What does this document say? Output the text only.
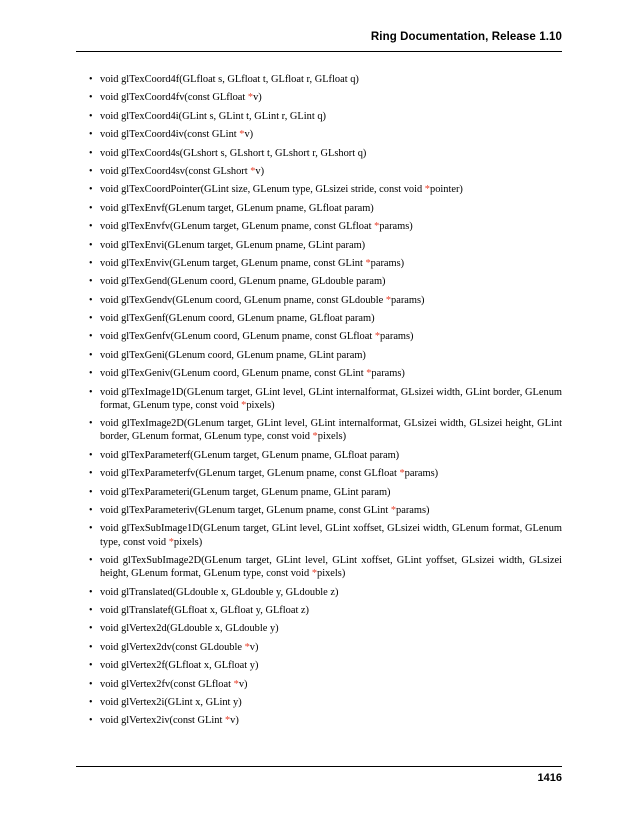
Ring Documentation, Release 1.10
• void glTexCoord4f(GLfloat s, GLfloat t, GLfloat r, GLfloat q)
• void glTexCoord4fv(const GLfloat *v)
• void glTexCoord4i(GLint s, GLint t, GLint r, GLint q)
• void glTexCoord4iv(const GLint *v)
• void glTexCoord4s(GLshort s, GLshort t, GLshort r, GLshort q)
• void glTexCoord4sv(const GLshort *v)
• void glTexCoordPointer(GLint size, GLenum type, GLsizei stride, const void *pointer)
• void glTexEnvf(GLenum target, GLenum pname, GLfloat param)
• void glTexEnvfv(GLenum target, GLenum pname, const GLfloat *params)
• void glTexEnvi(GLenum target, GLenum pname, GLint param)
• void glTexEnviv(GLenum target, GLenum pname, const GLint *params)
• void glTexGend(GLenum coord, GLenum pname, GLdouble param)
• void glTexGendv(GLenum coord, GLenum pname, const GLdouble *params)
• void glTexGenf(GLenum coord, GLenum pname, GLfloat param)
• void glTexGenfv(GLenum coord, GLenum pname, const GLfloat *params)
• void glTexGeni(GLenum coord, GLenum pname, GLint param)
• void glTexGeniv(GLenum coord, GLenum pname, const GLint *params)
• void glTexImage1D(GLenum target, GLint level, GLint internalformat, GLsizei width, GLint border, GLenum format, GLenum type, const void *pixels)
• void glTexImage2D(GLenum target, GLint level, GLint internalformat, GLsizei width, GLsizei height, GLint border, GLenum format, GLenum type, const void *pixels)
• void glTexParameterf(GLenum target, GLenum pname, GLfloat param)
• void glTexParameterfv(GLenum target, GLenum pname, const GLfloat *params)
• void glTexParameteri(GLenum target, GLenum pname, GLint param)
• void glTexParameteriv(GLenum target, GLenum pname, const GLint *params)
• void glTexSubImage1D(GLenum target, GLint level, GLint xoffset, GLsizei width, GLenum format, GLenum type, const void *pixels)
• void glTexSubImage2D(GLenum target, GLint level, GLint xoffset, GLint yoffset, GLsizei width, GLsizei height, GLenum format, GLenum type, const void *pixels)
• void glTranslated(GLdouble x, GLdouble y, GLdouble z)
• void glTranslatef(GLfloat x, GLfloat y, GLfloat z)
• void glVertex2d(GLdouble x, GLdouble y)
• void glVertex2dv(const GLdouble *v)
• void glVertex2f(GLfloat x, GLfloat y)
• void glVertex2fv(const GLfloat *v)
• void glVertex2i(GLint x, GLint y)
• void glVertex2iv(const GLint *v)
1416
